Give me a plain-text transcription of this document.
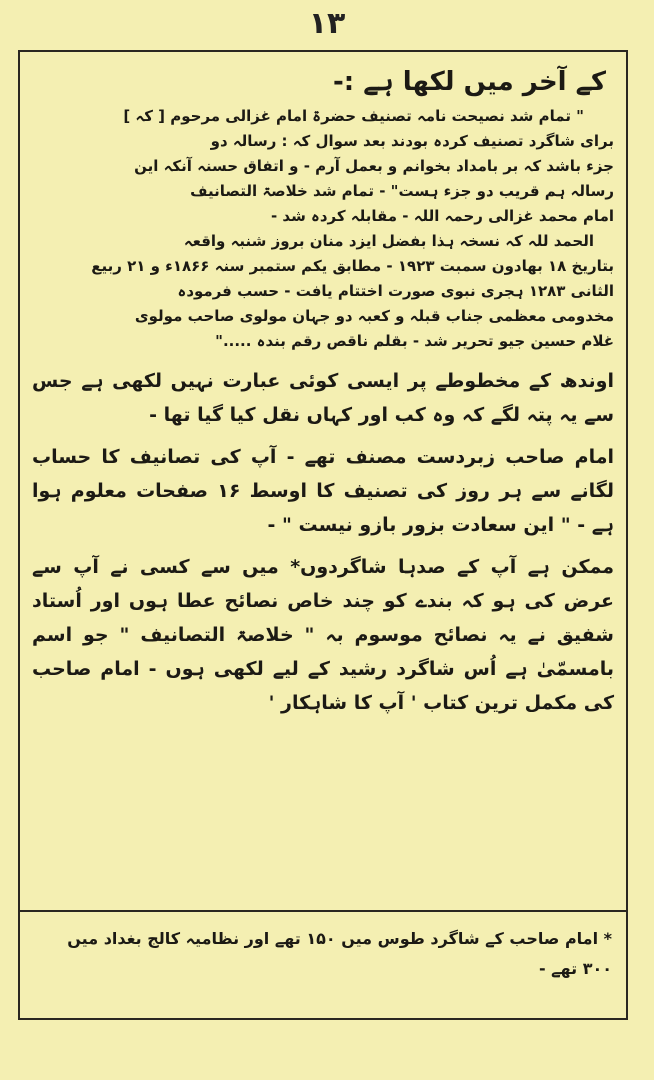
۱۳
کے آخر میں لکھا ہے :-

" تمام شد نصیحت نامہ تصنیف حضرۃ امام غزالی مرحوم [ کہ ]

برای شاگرد تصنیف کردہ بودند بعد سوال کہ : رسالہ دو

جزء باشد کہ بر بامداد بخوانم و بعمل آرم - و اتفاق حسنہ آنکہ این

رسالہ ہم قریب دو جزء ہست" - تمام شد خلاصۃ التصانیف

امام محمد غزالی رحمہ اللہ - مقابلہ کردہ شد -

الحمد للہ کہ نسخہ ہذا بفضل ایزد منان بروز شنبہ واقعہ

بتاریخ ۱۸ بھادون سمبت ۱۹۲۳ - مطابق یکم ستمبر سنہ ۱۸۶۶ء و ۲۱ ربیع

الثانی ۱۲۸۳ ہجری نبوی صورت اختتام یافت - حسب فرمودہ

مخدومی معظمی جناب قبلہ و کعبہ دو جہان مولوی صاحب مولوی

غلام حسین جیو تحریر شد - بقلم ناقص رقم بندہ ....."

اوندھ کے مخطوطے پر ایسی کوئی عبارت نہیں لکھی ہے جس سے یہ پتہ لگے کہ وہ کب اور کہاں نقل کیا گیا تھا -

امام صاحب زبردست مصنف تھے - آپ کی تصانیف کا حساب لگانے سے ہر روز کی تصنیف کا اوسط ۱۶ صفحات معلوم ہوا ہے - " این سعادت بزور بازو نیست " -

ممکن ہے آپ کے صدہا شاگردوں* میں سے کسی نے آپ سے عرض کی ہو کہ بندے کو چند خاص نصائح عطا ہوں اور اُستاد شفیق نے یہ نصائح موسوم بہ " خلاصۃ التصانیف " جو اسم بامسمّیٰ ہے اُس شاگرد رشید کے لیے لکھی ہوں - امام صاحب کی مکمل ترین کتاب ' آپ کا شاہکار '

* امام صاحب کے شاگرد طوس میں ۱۵۰ تھے اور نظامیہ کالج بغداد میں ۳۰۰ تھے -
